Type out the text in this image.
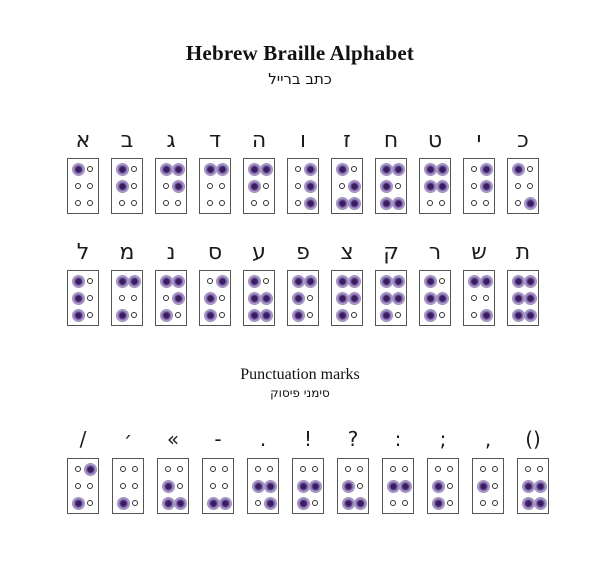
Hebrew Braille Alphabet
כתב ברייל
א	ב	ג	ד	ה	ו	ז	ח	ט	י	כ
ל	מ	נ	ס	ע	פ	צ	ק	ר	ש	ת
Punctuation marks
סימני פיסוק
/	׳	«	-	.	!	?	:	;	,	()
